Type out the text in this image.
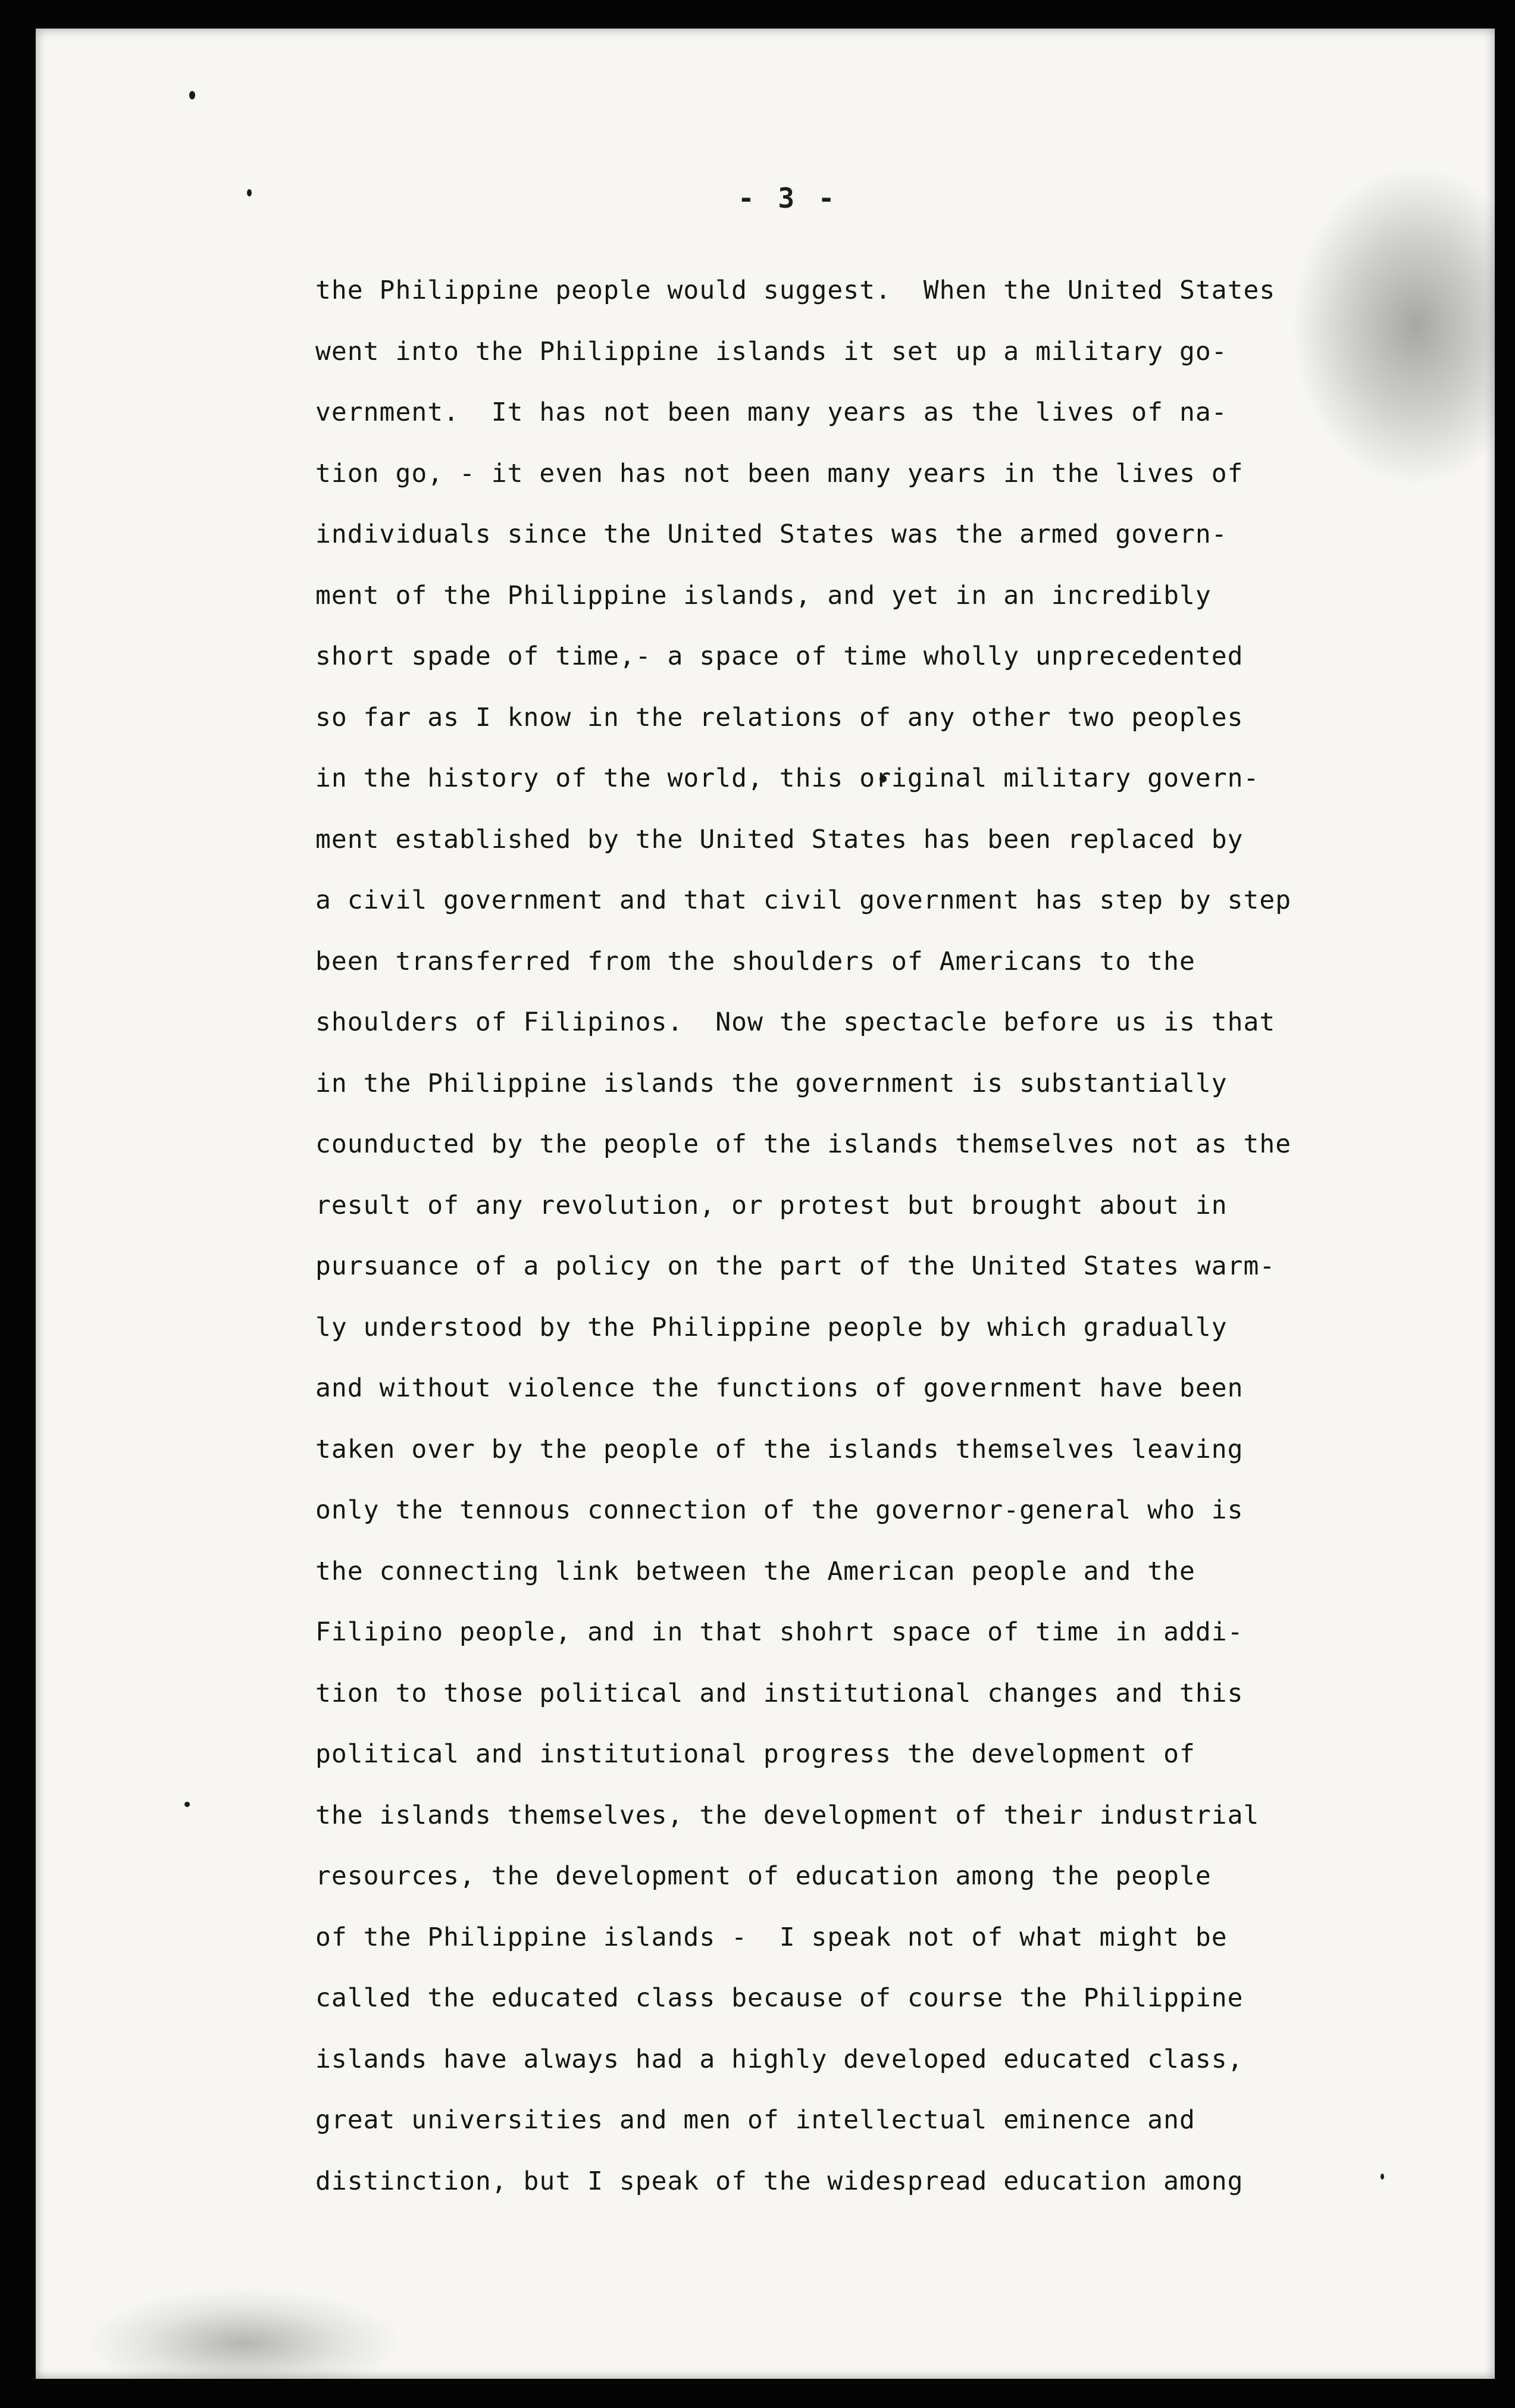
- 3 -
the Philippine people would suggest.  When the United States
went into the Philippine islands it set up a military go-
vernment.  It has not been many years as the lives of na-
tion go, - it even has not been many years in the lives of
individuals since the United States was the armed govern-
ment of the Philippine islands, and yet in an incredibly
short spade of time,- a space of time wholly unprecedented
so far as I know in the relations of any other two peoples
in the history of the world, this original military govern-
ment established by the United States has been replaced by
a civil government and that civil government has step by step
been transferred from the shoulders of Americans to the
shoulders of Filipinos.  Now the spectacle before us is that
in the Philippine islands the government is substantially
counducted by the people of the islands themselves not as the
result of any revolution, or protest but brought about in
pursuance of a policy on the part of the United States warm-
ly understood by the Philippine people by which gradually
and without violence the functions of government have been
taken over by the people of the islands themselves leaving
only the tennous connection of the governor-general who is
the connecting link between the American people and the
Filipino people, and in that shohrt space of time in addi-
tion to those political and institutional changes and this
political and institutional progress the development of
the islands themselves, the development of their industrial
resources, the development of education among the people
of the Philippine islands -  I speak not of what might be
called the educated class because of course the Philippine
islands have always had a highly developed educated class,
great universities and men of intellectual eminence and
distinction, but I speak of the widespread education among
